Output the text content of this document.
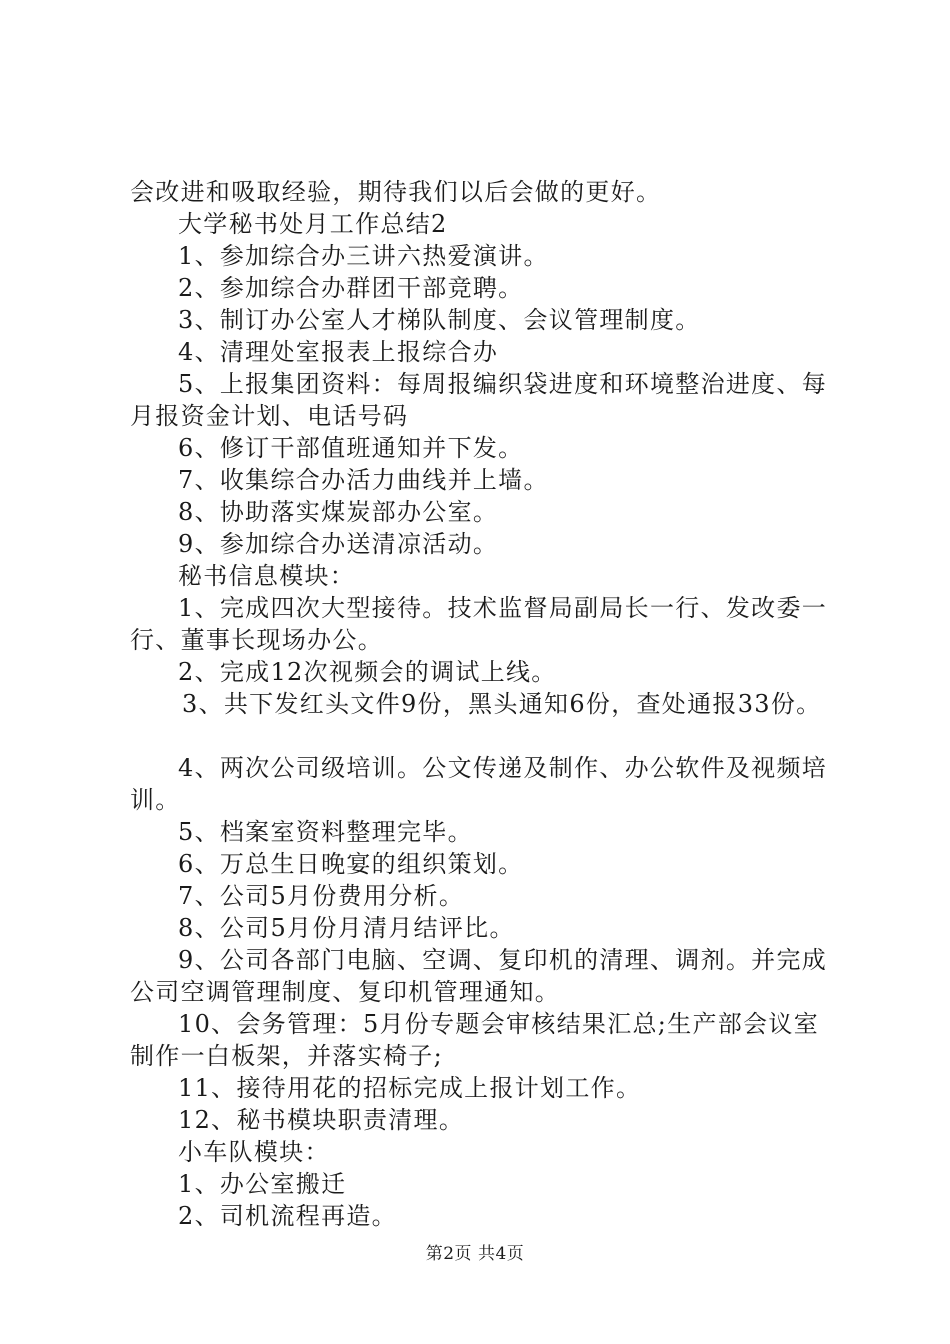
会改进和吸取经验，期待我们以后会做的更好。
大学秘书处月工作总结2
1、参加综合办三讲六热爱演讲。
2、参加综合办群团干部竞聘。
3、制订办公室人才梯队制度、会议管理制度。
4、清理处室报表上报综合办
5、上报集团资料：每周报编织袋进度和环境整治进度、每
月报资金计划、电话号码
6、修订干部值班通知并下发。
7、收集综合办活力曲线并上墙。
8、协助落实煤炭部办公室。
9、参加综合办送清凉活动。
秘书信息模块：
1、完成四次大型接待。技术监督局副局长一行、发改委一
行、董事长现场办公。
2、完成12次视频会的调试上线。
3、共下发红头文件9份，黑头通知6份，查处通报33份。
4、两次公司级培训。公文传递及制作、办公软件及视频培
训。
5、档案室资料整理完毕。
6、万总生日晚宴的组织策划。
7、公司5月份费用分析。
8、公司5月份月清月结评比。
9、公司各部门电脑、空调、复印机的清理、调剂。并完成
公司空调管理制度、复印机管理通知。
10、会务管理：5月份专题会审核结果汇总;生产部会议室
制作一白板架，并落实椅子;
11、接待用花的招标完成上报计划工作。
12、秘书模块职责清理。
小车队模块：
1、办公室搬迁
2、司机流程再造。
第2页 共4页
